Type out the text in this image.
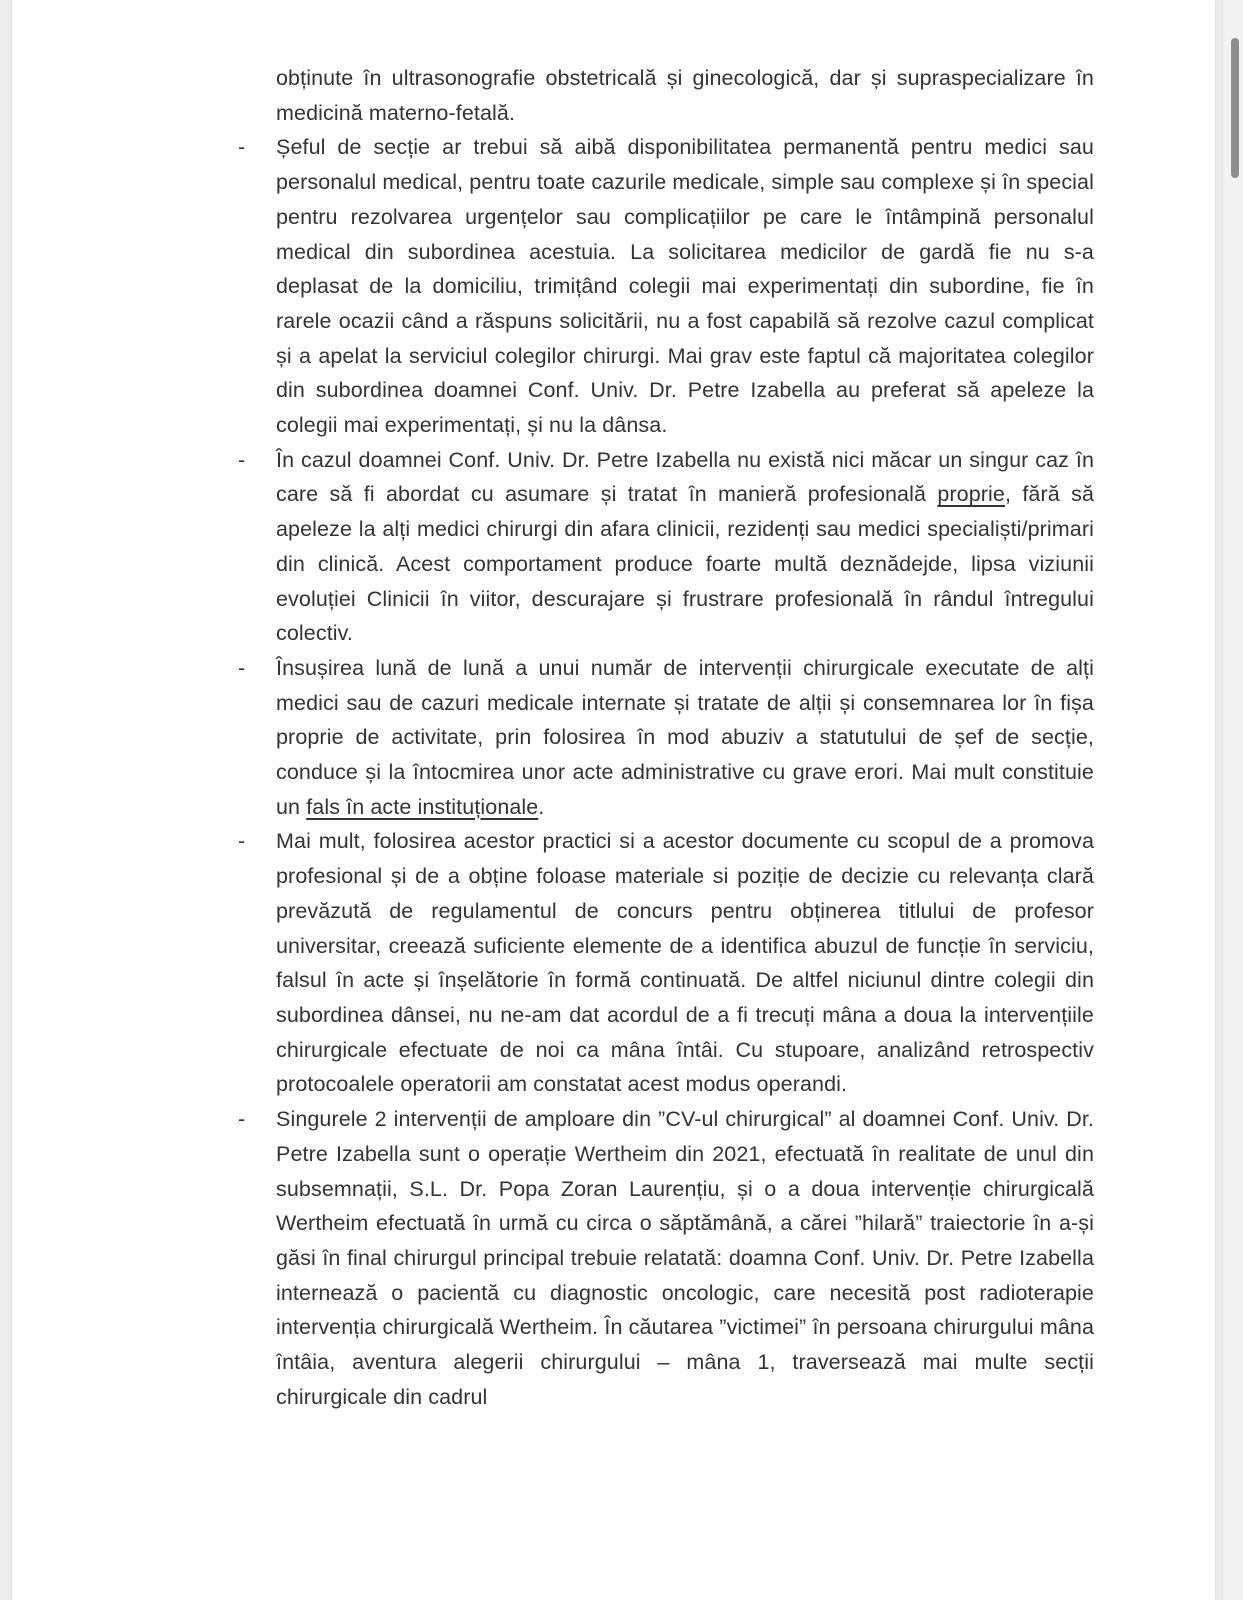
obținute în ultrasonografie obstetricală și ginecologică, dar și supraspecializare în medicină materno-fetală.

- Șeful de secție ar trebui să aibă disponibilitatea permanentă pentru medici sau personalul medical, pentru toate cazurile medicale, simple sau complexe și în special pentru rezolvarea urgențelor sau complicațiilor pe care le întâmpină personalul medical din subordinea acestuia. La solicitarea medicilor de gardă fie nu s-a deplasat de la domiciliu, trimițând colegii mai experimentați din subordine, fie în rarele ocazii când a răspuns solicitării, nu a fost capabilă să rezolve cazul complicat și a apelat la serviciul colegilor chirurgi. Mai grav este faptul că majoritatea colegilor din subordinea doamnei Conf. Univ. Dr. Petre Izabella au preferat să apeleze la colegii mai experimentați, și nu la dânsa.
- În cazul doamnei Conf. Univ. Dr. Petre Izabella nu există nici măcar un singur caz în care să fi abordat cu asumare și tratat în manieră profesională proprie, fără să apeleze la alți medici chirurgi din afara clinicii, rezidenți sau medici specialiști/primari din clinică. Acest comportament produce foarte multă deznădejde, lipsa viziunii evoluției Clinicii în viitor, descurajare și frustrare profesională în rândul întregului colectiv.
- Însușirea lună de lună a unui număr de intervenții chirurgicale executate de alți medici sau de cazuri medicale internate și tratate de alții și consemnarea lor în fișa proprie de activitate, prin folosirea în mod abuziv a statutului de șef de secție, conduce și la întocmirea unor acte administrative cu grave erori. Mai mult constituie un fals în acte instituționale.
- Mai mult, folosirea acestor practici si a acestor documente cu scopul de a promova profesional și de a obține foloase materiale si poziție de decizie cu relevanța clară prevăzută de regulamentul de concurs pentru obținerea titlului de profesor universitar, creează suficiente elemente de a identifica abuzul de funcție în serviciu, falsul în acte și înșelătorie în formă continuată. De altfel niciunul dintre colegii din subordinea dânsei, nu ne-am dat acordul de a fi trecuți mâna a doua la intervențiile chirurgicale efectuate de noi ca mâna întâi. Cu stupoare, analizând retrospectiv protocoalele operatorii am constatat acest modus operandi.
- Singurele 2 intervenții de amploare din ”CV-ul chirurgical” al doamnei Conf. Univ. Dr. Petre Izabella sunt o operație Wertheim din 2021, efectuată în realitate de unul din subsemnații, S.L. Dr. Popa Zoran Laurențiu, și o a doua intervenție chirurgicală Wertheim efectuată în urmă cu circa o săptămână, a cărei ”hilară” traiectorie în a-și găsi în final chirurgul principal trebuie relatată: doamna Conf. Univ. Dr. Petre Izabella internează o pacientă cu diagnostic oncologic, care necesită post radioterapie intervenția chirurgicală Wertheim. În căutarea ”victimei” în persoana chirurgului mâna întâia, aventura alegerii chirurgului – mâna 1, traversează mai multe secții chirurgicale din cadrul
